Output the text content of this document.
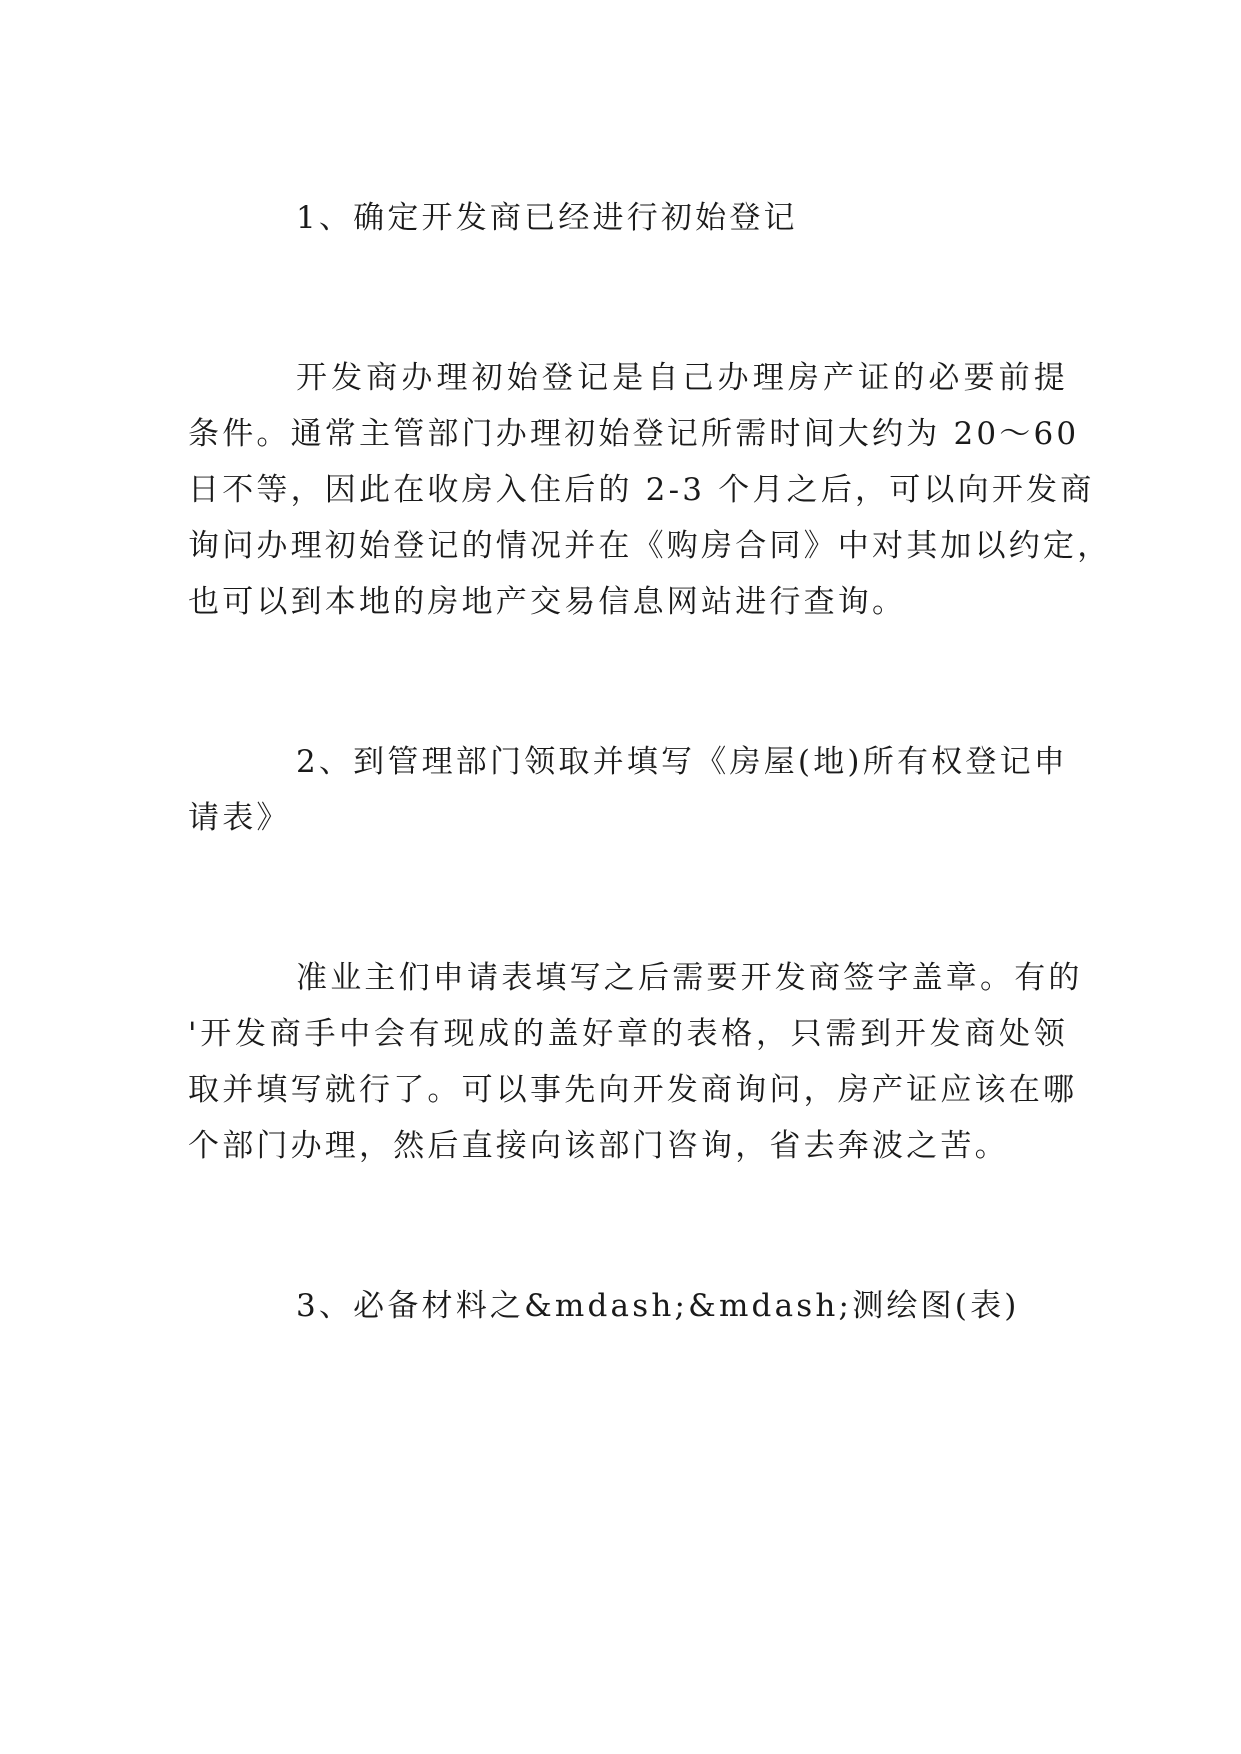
1、确定开发商已经进行初始登记
开发商办理初始登记是自己办理房产证的必要前提
条件。通常主管部门办理初始登记所需时间大约为 20～60
日不等，因此在收房入住后的 2-3 个月之后，可以向开发商
询问办理初始登记的情况并在《购房合同》中对其加以约定，
也可以到本地的房地产交易信息网站进行查询。
2、到管理部门领取并填写《房屋(地)所有权登记申
请表》
准业主们申请表填写之后需要开发商签字盖章。有的
'开发商手中会有现成的盖好章的表格，只需到开发商处领
取并填写就行了。可以事先向开发商询问，房产证应该在哪
个部门办理，然后直接向该部门咨询，省去奔波之苦。
3、必备材料之&mdash;&mdash;测绘图(表)
